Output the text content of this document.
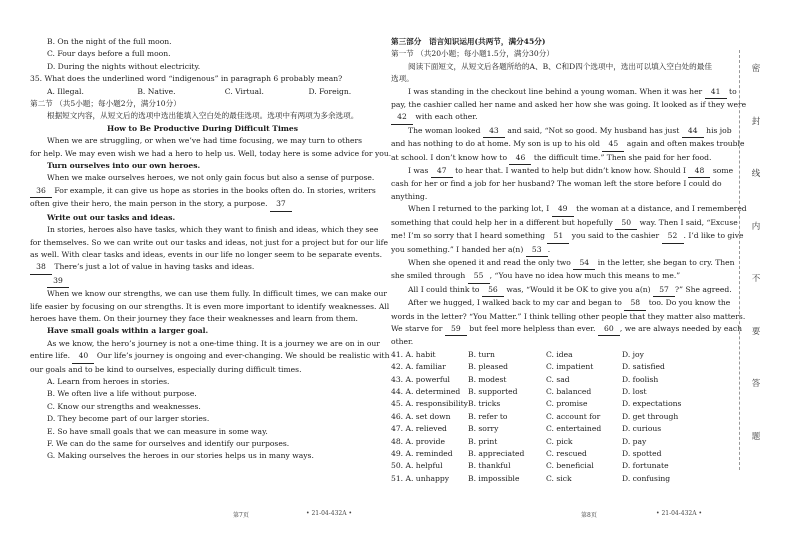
B. On the night of the full moon.
C. Four days before a full moon.
D. During the nights without electricity.
35. What does the underlined word “indigenous” in paragraph 6 probably mean?
A. Illegal.	B. Native.	C. Virtual.	D. Foreign.
第二节 （共5小题；每小题2分，满分10分）
根据短文内容，从短文后的选项中选出能填入空白处的最佳选项。选项中有两项为多余选项。
How to Be Productive During Difficult Times
When we are struggling, or when we’ve had time focusing, we may turn to others
for help. We may even wish we had a hero to help us. Well, today here is some advice for you.
Turn ourselves into our own heroes.
When we make ourselves heroes, we not only gain focus but also a sense of purpose.
36 For example, it can give us hope as stories in the books often do. In stories, writers
often give their hero, the main person in the story, a purpose. 37
Write out our tasks and ideas.
In stories, heroes also have tasks, which they want to finish and ideas, which they see
for themselves. So we can write out our tasks and ideas, not just for a project but for our life
as well. With clear tasks and ideas, events in our life no longer seem to be separate events.
38 There’s just a lot of value in having tasks and ideas.
39
When we know our strengths, we can use them fully. In difficult times, we can make our
life easier by focusing on our strengths. It is even more important to identify weaknesses. All
heroes have them. On their journey they face their weaknesses and learn from them.
Have small goals within a larger goal.
As we know, the hero’s journey is not a one-time thing. It is a journey we are on in our
entire life. 40 Our life’s journey is ongoing and ever-changing. We should be realistic with
our goals and to be kind to ourselves, especially during difficult times.
A. Learn from heroes in stories.
B. We often live a life without purpose.
C. Know our strengths and weaknesses.
D. They become part of our larger stories.
E. So have small goals that we can measure in some way.
F. We can do the same for ourselves and identify our purposes.
G. Making ourselves the heroes in our stories helps us in many ways.
第三部分　语言知识运用(共两节，满分45分)
第一节 （共20小题；每小题1.5分，满分30分）
阅读下面短文，从短文后各题所给的A、B、C和D四个选项中，选出可以填入空白处的最佳
选项。
I was standing in the checkout line behind a young woman. When it was her 41 to
pay, the cashier called her name and asked her how she was going. It looked as if they were
42 with each other.
The woman looked 43 and said, “Not so good. My husband has just 44 his job
and has nothing to do at home. My son is up to his old 45 again and often makes trouble
at school. I don’t know how to 46 the difficult time.” Then she paid for her food.
I was 47 to hear that. I wanted to help but didn’t know how. Should I 48 some
cash for her or find a job for her husband? The woman left the store before I could do
anything.
When I returned to the parking lot, I 49 the woman at a distance, and I remembered
something that could help her in a different but hopefully 50 way. Then I said, “Excuse
me! I’m so sorry that I heard something 51 you said to the cashier 52 . I’d like to give
you something.” I handed her a(n) 53 .
When she opened it and read the only two 54 in the letter, she began to cry. Then
she smiled through 55 , “You have no idea how much this means to me.”
All I could think to 56 was, “Would it be OK to give you a(n) 57 ?” She agreed.
After we hugged, I walked back to my car and began to 58 too. Do you know the
words in the letter? “You Matter.” I think telling other people that they matter also matters.
We starve for 59 but feel more helpless than ever. 60 , we are always needed by each
other.
41. A. habit	B. turn	C. idea	D. joy
42. A. familiar	B. pleased	C. impatient	D. satisfied
43. A. powerful	B. modest	C. sad	D. foolish
44. A. determined	B. supported	C. balanced	D. lost
45. A. responsibility B. tricks	C. promise	D. expectations
46. A. set down	B. refer to	C. account for	D. get through
47. A. relieved	B. sorry	C. entertained	D. curious
48. A. provide	B. print	C. pick	D. pay
49. A. reminded	B. appreciated	C. rescued	D. spotted
50. A. helpful	B. thankful	C. beneficial	D. fortunate
51. A. unhappy	B. impossible	C. sick	D. confusing
密
封
线
内
不
要
答
题
第7页	• 21-04-432A •	第8页	• 21-04-432A •
